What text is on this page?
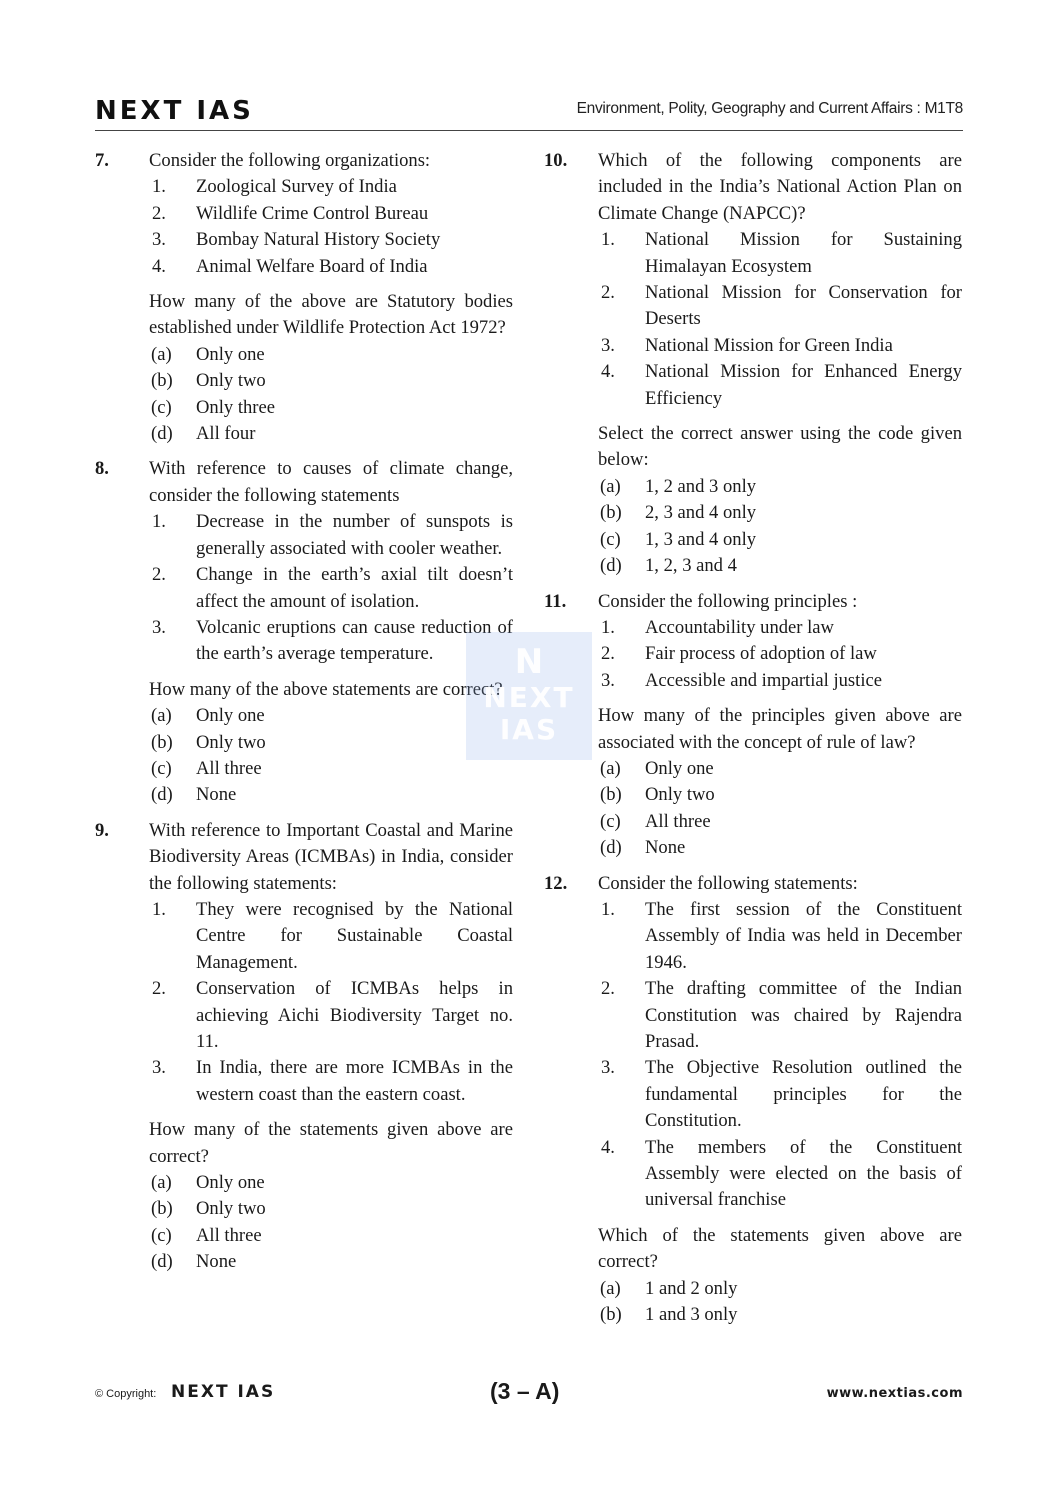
NEXT IAS	Environment, Polity, Geography and Current Affairs : M1T8
7. Consider the following organizations:
1. Zoological Survey of India
2. Wildlife Crime Control Bureau
3. Bombay Natural History Society
4. Animal Welfare Board of India
How many of the above are Statutory bodies established under Wildlife Protection Act 1972?
(a) Only one
(b) Only two
(c) Only three
(d) All four
8. With reference to causes of climate change, consider the following statements
1. Decrease in the number of sunspots is generally associated with cooler weather.
2. Change in the earth’s axial tilt doesn’t affect the amount of isolation.
3. Volcanic eruptions can cause reduction of the earth’s average temperature.
How many of the above statements are correct?
(a) Only one
(b) Only two
(c) All three
(d) None
9. With reference to Important Coastal and Marine Biodiversity Areas (ICMBAs) in India, consider the following statements:
1. They were recognised by the National Centre for Sustainable Coastal Management.
2. Conservation of ICMBAs helps in achieving Aichi Biodiversity Target no. 11.
3. In India, there are more ICMBAs in the western coast than the eastern coast.
How many of the statements given above are correct?
(a) Only one
(b) Only two
(c) All three
(d) None
10. Which of the following components are included in the India’s National Action Plan on Climate Change (NAPCC)?
1. National Mission for Sustaining Himalayan Ecosystem
2. National Mission for Conservation for Deserts
3. National Mission for Green India
4. National Mission for Enhanced Energy Efficiency
Select the correct answer using the code given below:
(a) 1, 2 and 3 only
(b) 2, 3 and 4 only
(c) 1, 3 and 4 only
(d) 1, 2, 3 and 4
11. Consider the following principles :
1. Accountability under law
2. Fair process of adoption of law
3. Accessible and impartial justice
How many of the principles given above are associated with the concept of rule of law?
(a) Only one
(b) Only two
(c) All three
(d) None
12. Consider the following statements:
1. The first session of the Constituent Assembly of India was held in December 1946.
2. The drafting committee of the Indian Constitution was chaired by Rajendra Prasad.
3. The Objective Resolution outlined the fundamental principles for the Constitution.
4. The members of the Constituent Assembly were elected on the basis of universal franchise
Which of the statements given above are correct?
(a) 1 and 2 only
(b) 1 and 3 only
N
NEXT
IAS
© Copyright: NEXT IAS	(3 – A)	www.nextias.com
